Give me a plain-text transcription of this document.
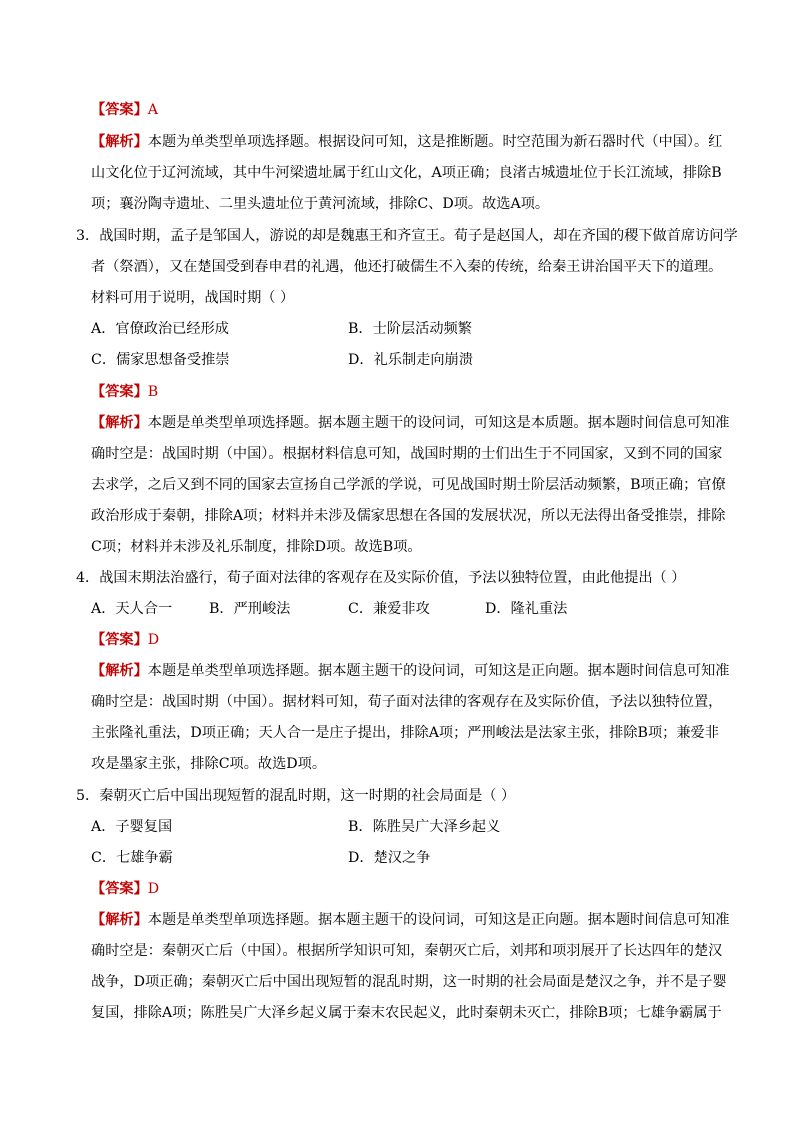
【答案】A
【解析】本题为单类型单项选择题。根据设问可知，这是推断题。时空范围为新石器时代（中国）。红
山文化位于辽河流域，其中牛河梁遗址属于红山文化，A项正确；良渚古城遗址位于长江流域，排除B
项；襄汾陶寺遗址、二里头遗址位于黄河流域，排除C、D项。故选A项。
3．战国时期，孟子是邹国人，游说的却是魏惠王和齐宣王。荀子是赵国人，却在齐国的稷下做首席访问学
者（祭酒），又在楚国受到春申君的礼遇，他还打破儒生不入秦的传统，给秦王讲治国平天下的道理。
材料可用于说明，战国时期（ ）
A．官僚政治已经形成	B．士阶层活动频繁
C．儒家思想备受推崇	D．礼乐制走向崩溃
【答案】B
【解析】本题是单类型单项选择题。据本题主题干的设问词，可知这是本质题。据本题时间信息可知准
确时空是：战国时期（中国）。根据材料信息可知，战国时期的士们出生于不同国家，又到不同的国家
去求学，之后又到不同的国家去宣扬自己学派的学说，可见战国时期士阶层活动频繁，B项正确；官僚
政治形成于秦朝，排除A项；材料并未涉及儒家思想在各国的发展状况，所以无法得出备受推崇，排除
C项；材料并未涉及礼乐制度，排除D项。故选B项。
4．战国末期法治盛行，荀子面对法律的客观存在及实际价值，予法以独特位置，由此他提出（ ）
A．天人合一	B．严刑峻法	C．兼爱非攻	D．隆礼重法
【答案】D
【解析】本题是单类型单项选择题。据本题主题干的设问词，可知这是正向题。据本题时间信息可知准
确时空是：战国时期（中国）。据材料可知，荀子面对法律的客观存在及实际价值，予法以独特位置，
主张隆礼重法，D项正确；天人合一是庄子提出，排除A项；严刑峻法是法家主张，排除B项；兼爱非
攻是墨家主张，排除C项。故选D项。
5．秦朝灭亡后中国出现短暂的混乱时期，这一时期的社会局面是（ ）
A．子婴复国	B．陈胜吴广大泽乡起义
C．七雄争霸	D．楚汉之争
【答案】D
【解析】本题是单类型单项选择题。据本题主题干的设问词，可知这是正向题。据本题时间信息可知准
确时空是：秦朝灭亡后（中国）。根据所学知识可知，秦朝灭亡后，刘邦和项羽展开了长达四年的楚汉
战争，D项正确；秦朝灭亡后中国出现短暂的混乱时期，这一时期的社会局面是楚汉之争，并不是子婴
复国，排除A项；陈胜吴广大泽乡起义属于秦末农民起义，此时秦朝未灭亡，排除B项；七雄争霸属于
